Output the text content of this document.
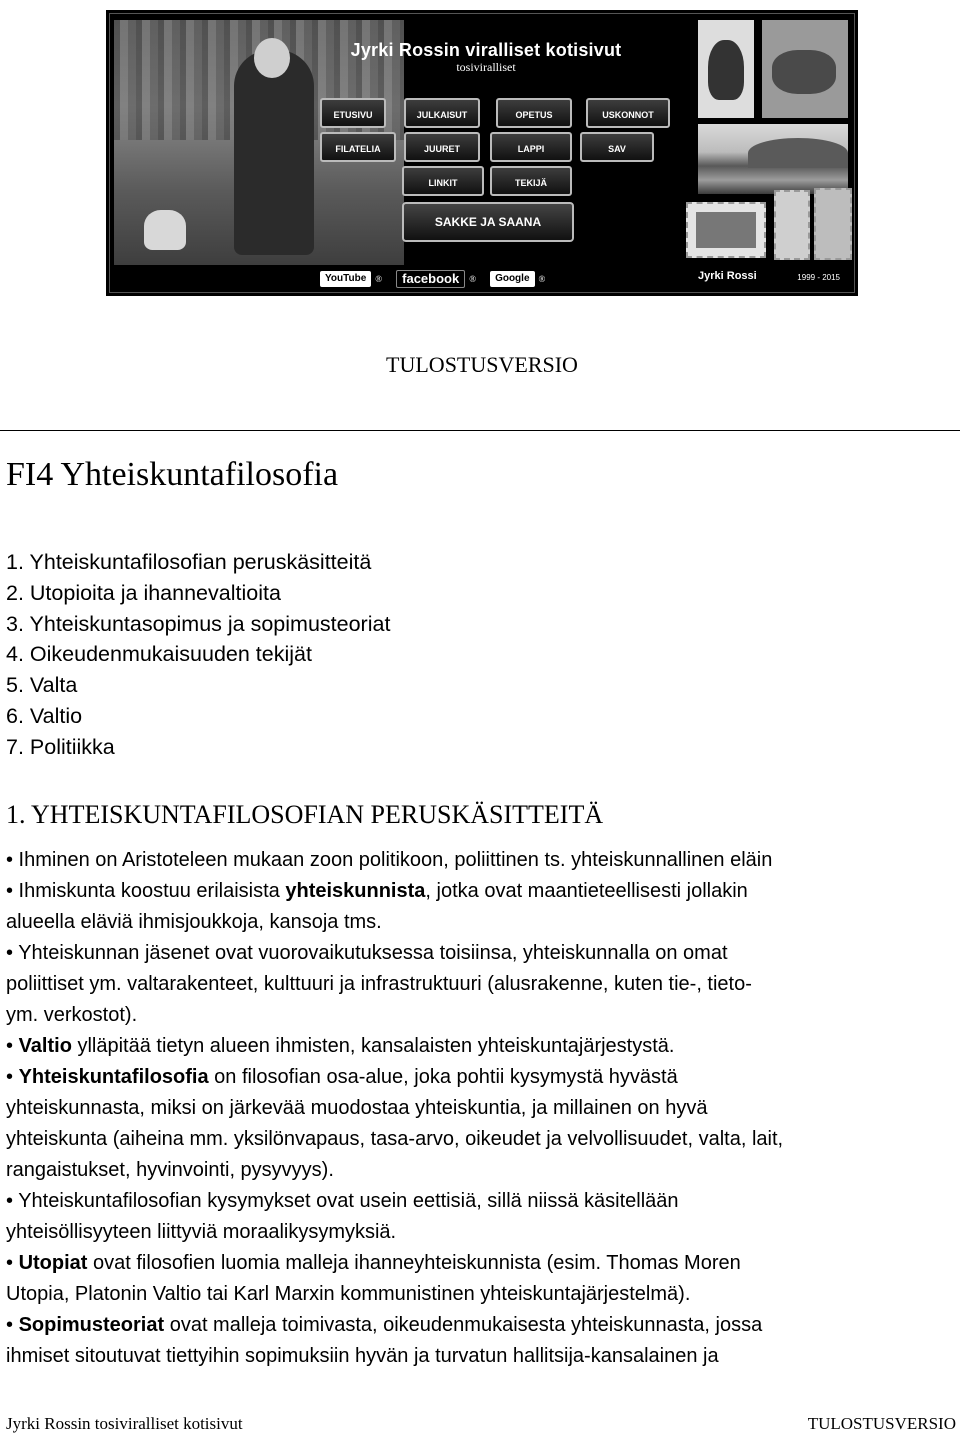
Jyrki Rossin viralliset kotisivut
tosiviralliset
ETUSIVU	JULKAISUT	OPETUS	USKONNOT
FILATELIA	JUURET	LAPPI	SAV
LINKIT	TEKIJÄ
SAKKE JA SAANA
YouTube ® facebook ® Google ®	Jyrki Rossi	1999 - 2015
TULOSTUSVERSIO
FI4 Yhteiskuntafilosofia
1. Yhteiskuntafilosofian peruskäsitteitä
2. Utopioita ja ihannevaltioita
3. Yhteiskuntasopimus ja sopimusteoriat
4. Oikeudenmukaisuuden tekijät
5. Valta
6. Valtio
7. Politiikka
1. YHTEISKUNTAFILOSOFIAN PERUSKÄSITTEITÄ

• Ihminen on Aristoteleen mukaan zoon politikoon, poliittinen ts. yhteiskunnallinen eläin

• Ihmiskunta koostuu erilaisista yhteiskunnista, jotka ovat maantieteellisesti jollakin
alueella eläviä ihmisjoukkoja, kansoja tms.

• Yhteiskunnan jäsenet ovat vuorovaikutuksessa toisiinsa, yhteiskunnalla on omat
poliittiset ym. valtarakenteet, kulttuuri ja infrastruktuuri (alusrakenne, kuten tie-, tieto-
ym. verkostot).

• Valtio ylläpitää tietyn alueen ihmisten, kansalaisten yhteiskuntajärjestystä.

• Yhteiskuntafilosofia on filosofian osa-alue, joka pohtii kysymystä hyvästä
yhteiskunnasta, miksi on järkevää muodostaa yhteiskuntia, ja millainen on hyvä
yhteiskunta (aiheina mm. yksilönvapaus, tasa-arvo, oikeudet ja velvollisuudet, valta, lait,
rangaistukset, hyvinvointi, pysyvyys).

• Yhteiskuntafilosofian kysymykset ovat usein eettisiä, sillä niissä käsitellään
yhteisöllisyyteen liittyviä moraalikysymyksiä.

• Utopiat ovat filosofien luomia malleja ihanneyhteiskunnista (esim. Thomas Moren
Utopia, Platonin Valtio tai Karl Marxin kommunistinen yhteiskuntajärjestelmä).

• Sopimusteoriat ovat malleja toimivasta, oikeudenmukaisesta yhteiskunnasta, jossa
ihmiset sitoutuvat tiettyihin sopimuksiin hyvän ja turvatun hallitsija-kansalainen ja

Jyrki Rossin tosiviralliset kotisivut	TULOSTUSVERSIO
